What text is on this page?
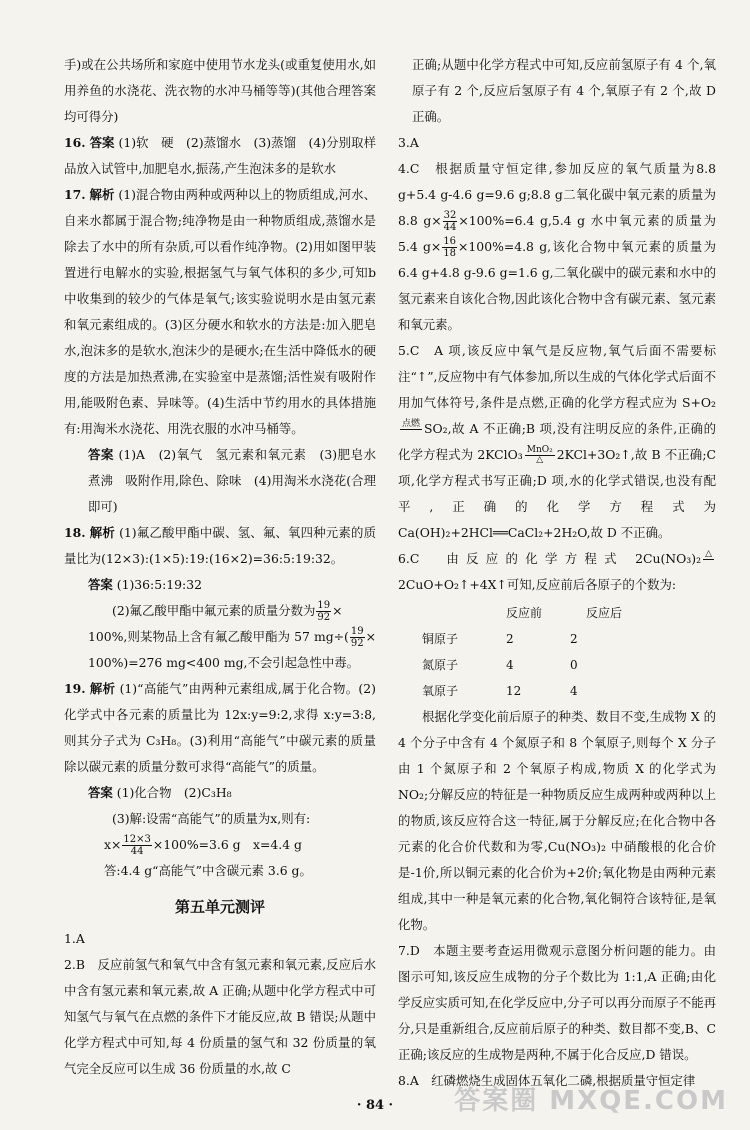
手)或在公共场所和家庭中使用节水龙头(或重复使用水,如用养鱼的水浇花、洗衣物的水冲马桶等等)(其他合理答案均可得分)

16. 答案 (1)软　硬　(2)蒸馏水　(3)蒸馏　(4)分别取样品放入试管中,加肥皂水,振荡,产生泡沫多的是软水

17. 解析 (1)混合物由两种或两种以上的物质组成,河水、自来水都属于混合物;纯净物是由一种物质组成,蒸馏水是除去了水中的所有杂质,可以看作纯净物。(2)用如图甲装置进行电解水的实验,根据氢气与氧气体积的多少,可知b中收集到的较少的气体是氧气;该实验说明水是由氢元素和氧元素组成的。(3)区分硬水和软水的方法是:加入肥皂水,泡沫多的是软水,泡沫少的是硬水;在生活中降低水的硬度的方法是加热煮沸,在实验室中是蒸馏;活性炭有吸附作用,能吸附色素、异味等。(4)生活中节约用水的具体措施有:用淘米水浇花、用洗衣服的水冲马桶等。

答案 (1)A　(2)氧气　氢元素和氧元素　(3)肥皂水　煮沸　吸附作用,除色、除味　(4)用淘米水浇花(合理即可)

18. 解析 (1)氟乙酸甲酯中碳、氢、氟、氧四种元素的质量比为(12×3):(1×5):19:(16×2)=36:5:19:32。

答案 (1)36:5:19:32

(2)氟乙酸甲酯中氟元素的质量分数为 $\frac{19}{92}$ ×

100%,则某物品上含有氟乙酸甲酯为 57 $mg\div( \frac{19}{92} \times 100\%)=276$ mg<400 mg,不会引起急性中毒。

19. 解析 (1)“高能气”由两种元素组成,属于化合物。(2)化学式中各元素的质量比为 12x:y=9:2,求得 x:y=3:8,则其分子式为 C₃H₈。(3)利用“高能气”中碳元素的质量除以碳元素的质量分数可求得“高能气”的质量。

答案 (1)化合物　(2)C₃H₈

(3)解:设需“高能气”的质量为x,则有:

$x\times \frac{12\times 3}{44} \times 100\%=3.6$ g　x=4.4 g

答:4.4 g“高能气”中含碳元素 3.6 g。

第五单元测评

1.A

2.B　反应前氢气和氧气中含有氢元素和氧元素,反应后水中含有氢元素和氧元素,故 A 正确;从题中化学方程式中可知氢气与氧气在点燃的条件下才能反应,故 B 错误;从题中化学方程式中可知,每 4 份质量的氢气和 32 份质量的氧气完全反应可以生成 36 份质量的水,故 C

正确;从题中化学方程式中可知,反应前氢原子有 4 个,氧原子有 2 个,反应后氢原子有 4 个,氧原子有 2 个,故 D 正确。

3.A

4.C　根据质量守恒定律,参加反应的氧气质量为8.8 g+5.4 g-4.6 g=9.6 g;8.8 g二氧化碳中氧元素的质量为 8.8 $g\times \frac{32}{44} \times 100\%=6.4$ g,5.4 g 水中氧元素的质量为 5.4 $g\times \frac{16}{18} \times 100\%=4.8$ g,该化合物中氧元素的质量为 6.4 g+4.8 g-9.6 g=1.6 g,二氧化碳中的碳元素和水中的氢元素来自该化合物,因此该化合物中含有碳元素、氢元素和氧元素。

5.C　A 项,该反应中氧气是反应物,氧气后面不需要标注“↑”,反应物中有气体参加,所以生成的气体化学式后面不用加气体符号,条件是点燃,正确的化学方程式应为 S+O₂
点燃 SO₂,故 A 不正确;B 项,没有注明反应的条件,正确的化学方程式为 2KClO₃ MnO₂
△	2KCl+3O₂↑,故 B 不正确;C 项,化学方程式书写正确;D 项,水的化学式错误,也没有配平,正确的化学方程式为 Ca(OH)₂+2HCl══CaCl₂+2H₂O,故 D 不正确。

6.C　由反应的化学方程式 2Cu(NO₃)₂ △
2CuO+O₂↑+4X↑可知,反应前后各原子的个数为:

	反应前	反应后
铜原子	2	2
氮原子	4	0
氧原子	12	4

根据化学变化前后原子的种类、数目不变,生成物 X 的 4 个分子中含有 4 个氮原子和 8 个氧原子,则每个 X 分子由 1 个氮原子和 2 个氧原子构成,物质 X 的化学式为 NO₂;分解反应的特征是一种物质反应生成两种或两种以上的物质,该反应符合这一特征,属于分解反应;在化合物中各元素的化合价代数和为零,Cu(NO₃)₂ 中硝酸根的化合价是-1价,所以铜元素的化合价为+2价;氧化物是由两种元素组成,其中一种是氧元素的化合物,氧化铜符合该特征,是氧化物。

7.D　本题主要考查运用微观示意图分析问题的能力。由图示可知,该反应生成物的分子个数比为 1:1,A 正确;由化学反应实质可知,在化学反应中,分子可以再分而原子不能再分,只是重新组合,反应前后原子的种类、数目都不变,B、C 正确;该反应的生成物是两种,不属于化合反应,D 错误。

8.A　红磷燃烧生成固体五氧化二磷,根据质量守恒定律

· 84 ·	答案圈 MXQE.COM
